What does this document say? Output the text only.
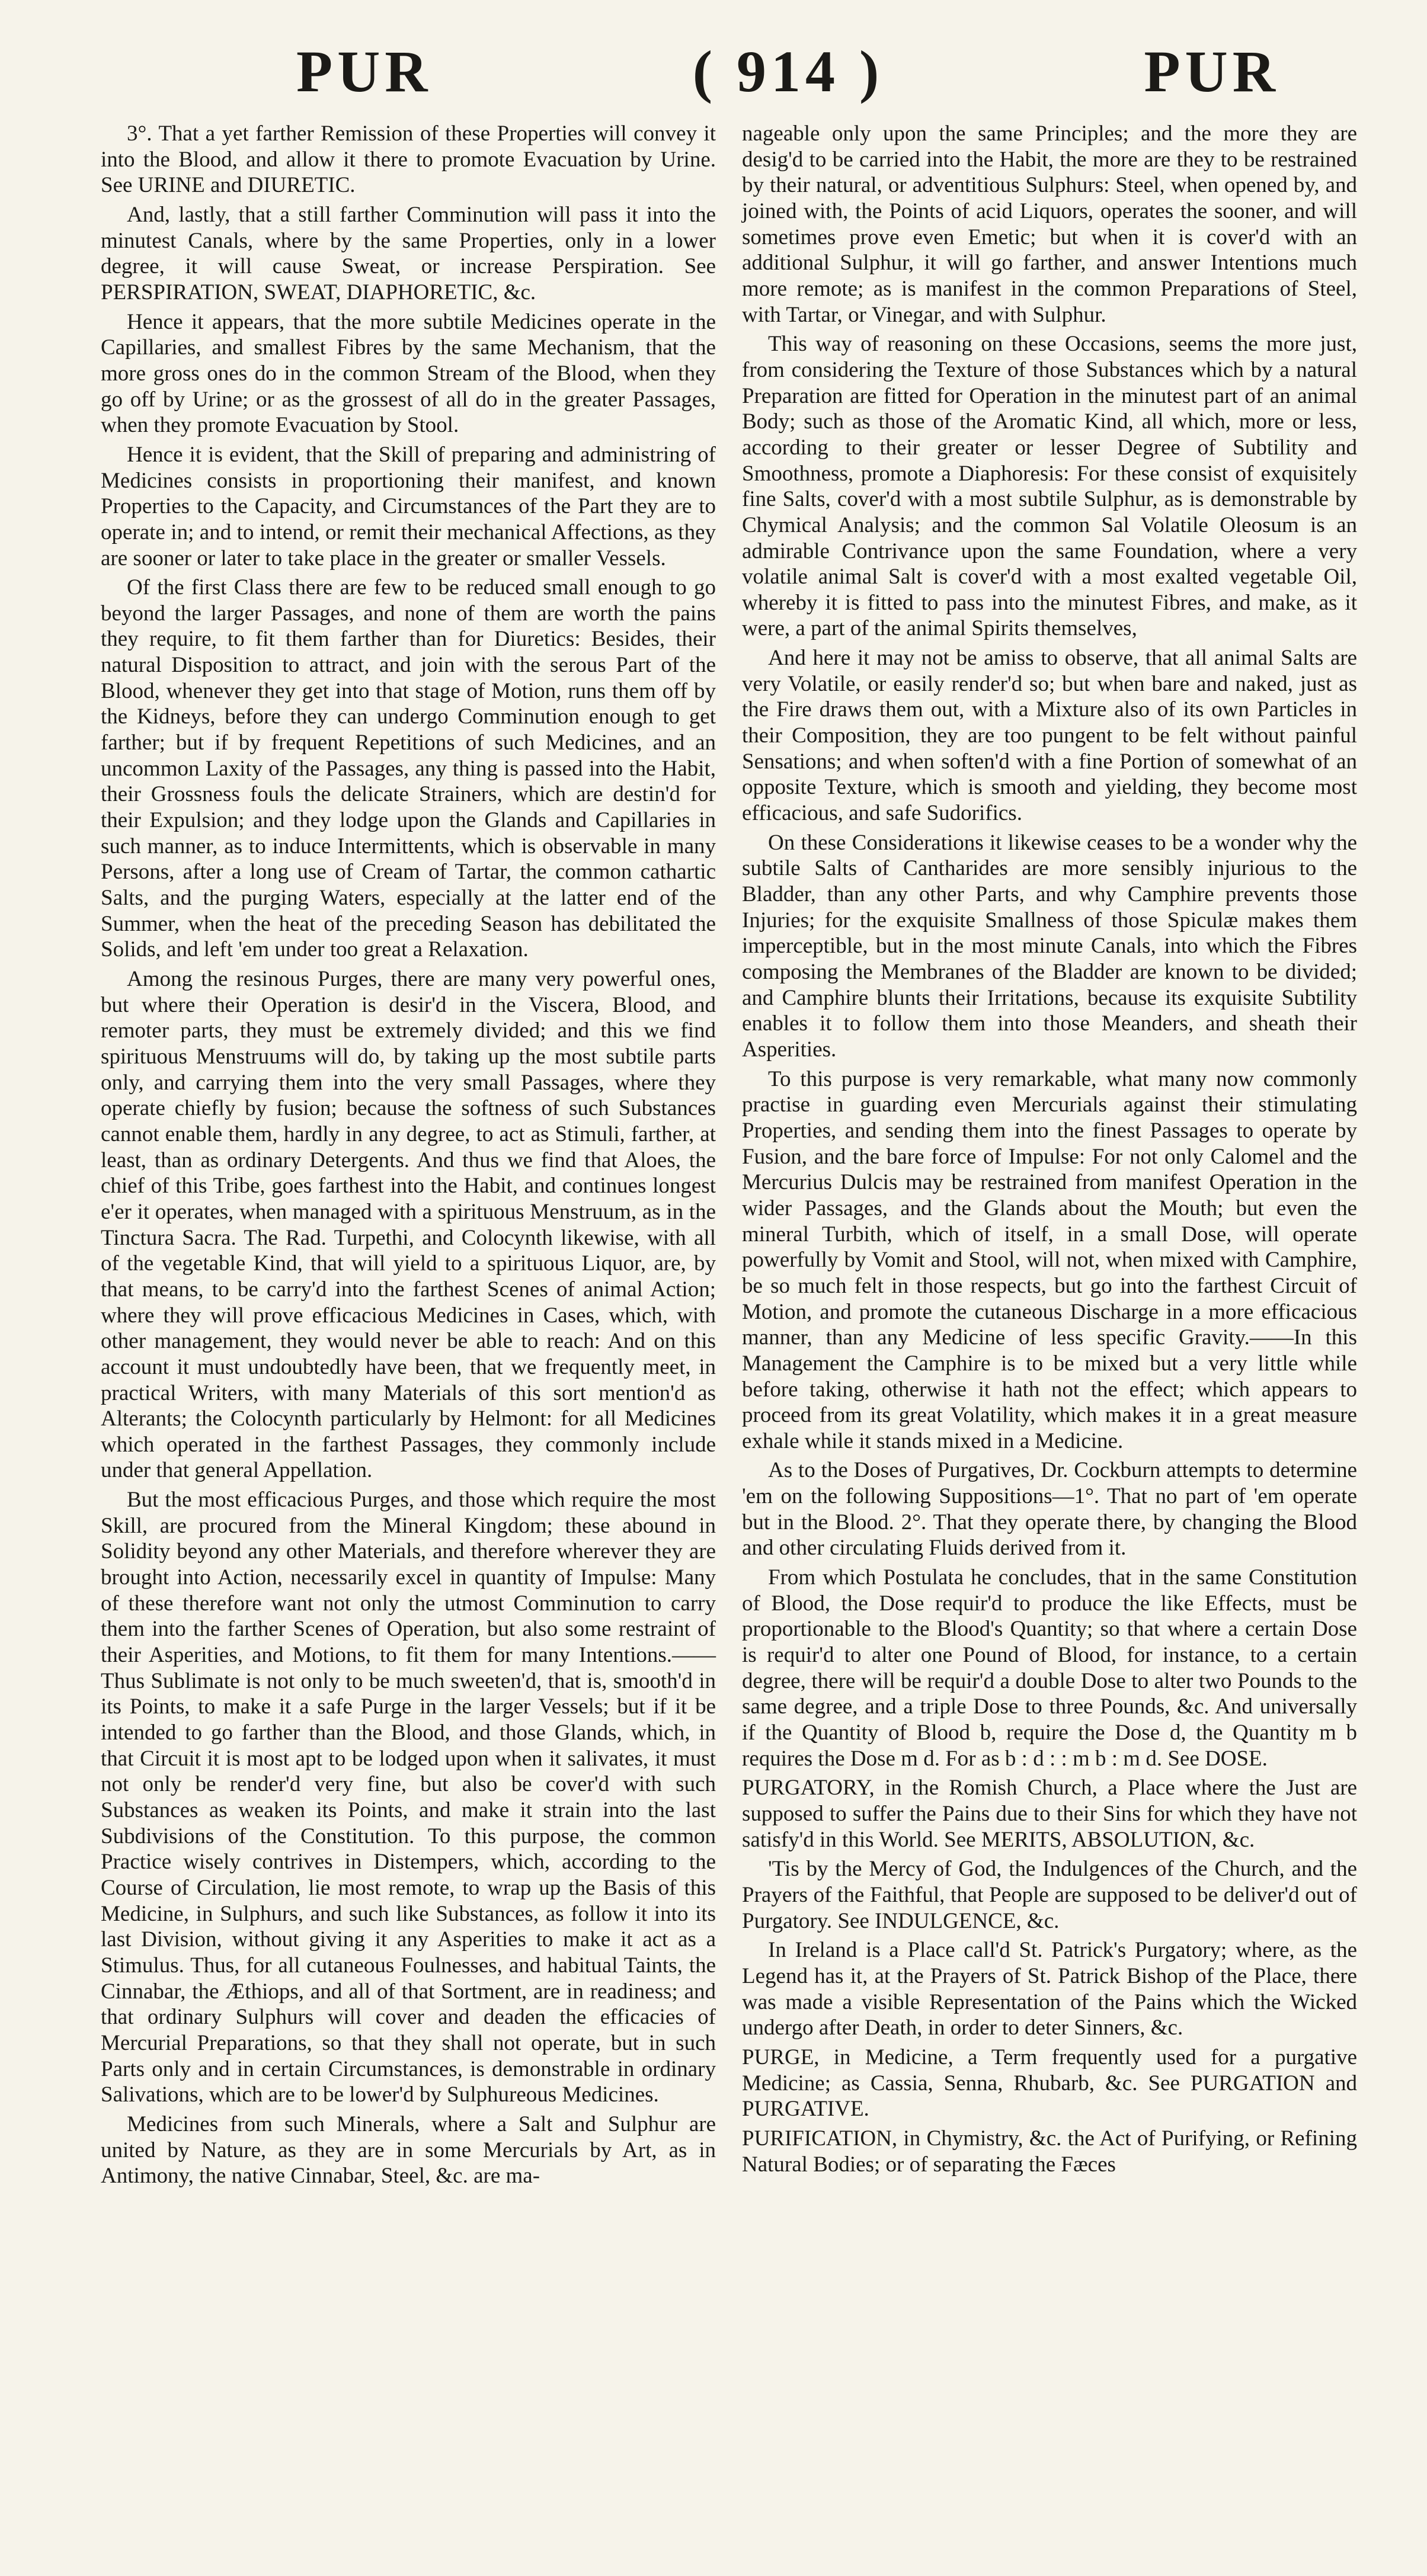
PUR	( 914 )	PUR

3°. That a yet farther Remission of these Properties will convey it into the Blood, and allow it there to promote Evacuation by Urine. See URINE and DIURETIC.

And, lastly, that a still farther Comminution will pass it into the minutest Canals, where by the same Properties, only in a lower degree, it will cause Sweat, or increase Perspiration. See PERSPIRATION, SWEAT, DIAPHORETIC, &c.

Hence it appears, that the more subtile Medicines operate in the Capillaries, and smallest Fibres by the same Mechanism, that the more gross ones do in the common Stream of the Blood, when they go off by Urine; or as the grossest of all do in the greater Passages, when they promote Evacuation by Stool.

Hence it is evident, that the Skill of preparing and administring of Medicines consists in proportioning their manifest, and known Properties to the Capacity, and Circumstances of the Part they are to operate in; and to intend, or remit their mechanical Affections, as they are sooner or later to take place in the greater or smaller Vessels.

Of the first Class there are few to be reduced small enough to go beyond the larger Passages, and none of them are worth the pains they require, to fit them farther than for Diuretics: Besides, their natural Disposition to attract, and join with the serous Part of the Blood, whenever they get into that stage of Motion, runs them off by the Kidneys, before they can undergo Comminution enough to get farther; but if by frequent Repetitions of such Medicines, and an uncommon Laxity of the Passages, any thing is passed into the Habit, their Grossness fouls the delicate Strainers, which are destin'd for their Expulsion; and they lodge upon the Glands and Capillaries in such manner, as to induce Intermittents, which is observable in many Persons, after a long use of Cream of Tartar, the common cathartic Salts, and the purging Waters, especially at the latter end of the Summer, when the heat of the preceding Season has debilitated the Solids, and left 'em under too great a Relaxation.

Among the resinous Purges, there are many very powerful ones, but where their Operation is desir'd in the Viscera, Blood, and remoter parts, they must be extremely divided; and this we find spirituous Menstruums will do, by taking up the most subtile parts only, and carrying them into the very small Passages, where they operate chiefly by fusion; because the softness of such Substances cannot enable them, hardly in any degree, to act as Stimuli, farther, at least, than as ordinary Detergents. And thus we find that Aloes, the chief of this Tribe, goes farthest into the Habit, and continues longest e'er it operates, when managed with a spirituous Menstruum, as in the Tinctura Sacra. The Rad. Turpethi, and Colocynth likewise, with all of the vegetable Kind, that will yield to a spirituous Liquor, are, by that means, to be carry'd into the farthest Scenes of animal Action; where they will prove efficacious Medicines in Cases, which, with other management, they would never be able to reach: And on this account it must undoubtedly have been, that we frequently meet, in practical Writers, with many Materials of this sort mention'd as Alterants; the Colocynth particularly by Helmont: for all Medicines which operated in the farthest Passages, they commonly include under that general Appellation.

But the most efficacious Purges, and those which require the most Skill, are procured from the Mineral Kingdom; these abound in Solidity beyond any other Materials, and therefore wherever they are brought into Action, necessarily excel in quantity of Impulse: Many of these therefore want not only the utmost Comminution to carry them into the farther Scenes of Operation, but also some restraint of their Asperities, and Motions, to fit them for many Intentions.——Thus Sublimate is not only to be much sweeten'd, that is, smooth'd in its Points, to make it a safe Purge in the larger Vessels; but if it be intended to go farther than the Blood, and those Glands, which, in that Circuit it is most apt to be lodged upon when it salivates, it must not only be render'd very fine, but also be cover'd with such Substances as weaken its Points, and make it strain into the last Subdivisions of the Constitution. To this purpose, the common Practice wisely contrives in Distempers, which, according to the Course of Circulation, lie most remote, to wrap up the Basis of this Medicine, in Sulphurs, and such like Substances, as follow it into its last Division, without giving it any Asperities to make it act as a Stimulus. Thus, for all cutaneous Foulnesses, and habitual Taints, the Cinnabar, the Æthiops, and all of that Sortment, are in readiness; and that ordinary Sulphurs will cover and deaden the efficacies of Mercurial Preparations, so that they shall not operate, but in such Parts only and in certain Circumstances, is demonstrable in ordinary Salivations, which are to be lower'd by Sulphureous Medicines.

Medicines from such Minerals, where a Salt and Sulphur are united by Nature, as they are in some Mercurials by Art, as in Antimony, the native Cinnabar, Steel, &c. are ma-

nageable only upon the same Principles; and the more they are desig'd to be carried into the Habit, the more are they to be restrained by their natural, or adventitious Sulphurs: Steel, when opened by, and joined with, the Points of acid Liquors, operates the sooner, and will sometimes prove even Emetic; but when it is cover'd with an additional Sulphur, it will go farther, and answer Intentions much more remote; as is manifest in the common Preparations of Steel, with Tartar, or Vinegar, and with Sulphur.

This way of reasoning on these Occasions, seems the more just, from considering the Texture of those Substances which by a natural Preparation are fitted for Operation in the minutest part of an animal Body; such as those of the Aromatic Kind, all which, more or less, according to their greater or lesser Degree of Subtility and Smoothness, promote a Diaphoresis: For these consist of exquisitely fine Salts, cover'd with a most subtile Sulphur, as is demonstrable by Chymical Analysis; and the common Sal Volatile Oleosum is an admirable Contrivance upon the same Foundation, where a very volatile animal Salt is cover'd with a most exalted vegetable Oil, whereby it is fitted to pass into the minutest Fibres, and make, as it were, a part of the animal Spirits themselves,

And here it may not be amiss to observe, that all animal Salts are very Volatile, or easily render'd so; but when bare and naked, just as the Fire draws them out, with a Mixture also of its own Particles in their Composition, they are too pungent to be felt without painful Sensations; and when soften'd with a fine Portion of somewhat of an opposite Texture, which is smooth and yielding, they become most efficacious, and safe Sudorifics.

On these Considerations it likewise ceases to be a wonder why the subtile Salts of Cantharides are more sensibly injurious to the Bladder, than any other Parts, and why Camphire prevents those Injuries; for the exquisite Smallness of those Spiculæ makes them imperceptible, but in the most minute Canals, into which the Fibres composing the Membranes of the Bladder are known to be divided; and Camphire blunts their Irritations, because its exquisite Subtility enables it to follow them into those Meanders, and sheath their Asperities.

To this purpose is very remarkable, what many now commonly practise in guarding even Mercurials against their stimulating Properties, and sending them into the finest Passages to operate by Fusion, and the bare force of Impulse: For not only Calomel and the Mercurius Dulcis may be restrained from manifest Operation in the wider Passages, and the Glands about the Mouth; but even the mineral Turbith, which of itself, in a small Dose, will operate powerfully by Vomit and Stool, will not, when mixed with Camphire, be so much felt in those respects, but go into the farthest Circuit of Motion, and promote the cutaneous Discharge in a more efficacious manner, than any Medicine of less specific Gravity.——In this Management the Camphire is to be mixed but a very little while before taking, otherwise it hath not the effect; which appears to proceed from its great Volatility, which makes it in a great measure exhale while it stands mixed in a Medicine.

As to the Doses of Purgatives, Dr. Cockburn attempts to determine 'em on the following Suppositions—1°. That no part of 'em operate but in the Blood. 2°. That they operate there, by changing the Blood and other circulating Fluids derived from it.

From which Postulata he concludes, that in the same Constitution of Blood, the Dose requir'd to produce the like Effects, must be proportionable to the Blood's Quantity; so that where a certain Dose is requir'd to alter one Pound of Blood, for instance, to a certain degree, there will be requir'd a double Dose to alter two Pounds to the same degree, and a triple Dose to three Pounds, &c. And universally if the Quantity of Blood b, require the Dose d, the Quantity m b requires the Dose m d. For as b : d : : m b : m d. See DOSE.

PURGATORY, in the Romish Church, a Place where the Just are supposed to suffer the Pains due to their Sins for which they have not satisfy'd in this World. See MERITS, ABSOLUTION, &c.

'Tis by the Mercy of God, the Indulgences of the Church, and the Prayers of the Faithful, that People are supposed to be deliver'd out of Purgatory. See INDULGENCE, &c.

In Ireland is a Place call'd St. Patrick's Purgatory; where, as the Legend has it, at the Prayers of St. Patrick Bishop of the Place, there was made a visible Representation of the Pains which the Wicked undergo after Death, in order to deter Sinners, &c.

PURGE, in Medicine, a Term frequently used for a purgative Medicine; as Cassia, Senna, Rhubarb, &c. See PURGATION and PURGATIVE.

PURIFICATION, in Chymistry, &c. the Act of Purifying, or Refining Natural Bodies; or of separating the Fæces
